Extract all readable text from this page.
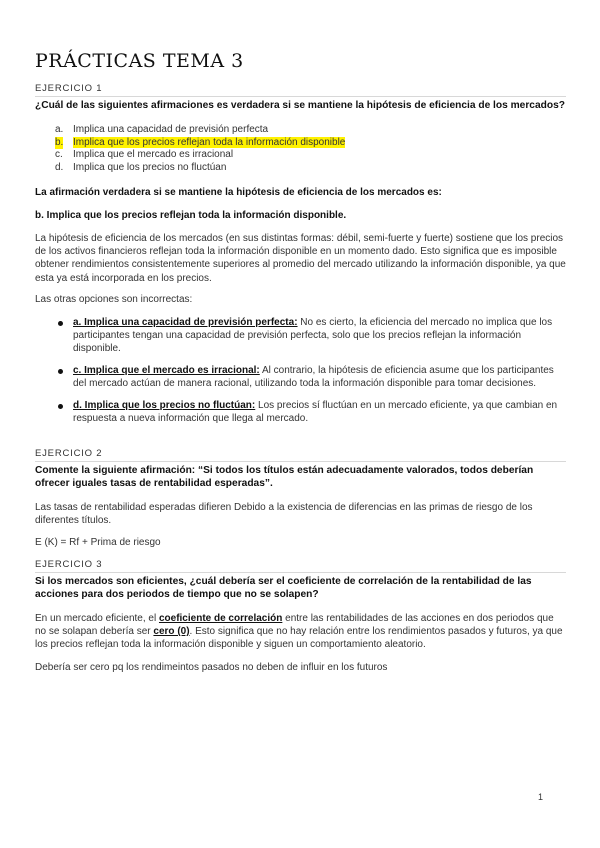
PRÁCTICAS TEMA 3
EJERCICIO 1
¿Cuál de las siguientes afirmaciones es verdadera si se mantiene la hipótesis de eficiencia de los mercados?
a. Implica una capacidad de previsión perfecta
b. Implica que los precios reflejan toda la información disponible
c. Implica que el mercado es irracional
d. Implica que los precios no fluctúan

La afirmación verdadera si se mantiene la hipótesis de eficiencia de los mercados es:

b. Implica que los precios reflejan toda la información disponible.

La hipótesis de eficiencia de los mercados (en sus distintas formas: débil, semi-fuerte y fuerte) sostiene que los precios de los activos financieros reflejan toda la información disponible en un momento dado. Esto significa que es imposible obtener rendimientos consistentemente superiores al promedio del mercado utilizando la información disponible, ya que esta ya está incorporada en los precios.

Las otras opciones son incorrectas:

a. Implica una capacidad de previsión perfecta: No es cierto, la eficiencia del mercado no implica que los participantes tengan una capacidad de previsión perfecta, solo que los precios reflejan la información disponible.
c. Implica que el mercado es irracional: Al contrario, la hipótesis de eficiencia asume que los participantes del mercado actúan de manera racional, utilizando toda la información disponible para tomar decisiones.
d. Implica que los precios no fluctúan: Los precios sí fluctúan en un mercado eficiente, ya que cambian en respuesta a nueva información que llega al mercado.
EJERCICIO 2
Comente la siguiente afirmación: “Si todos los títulos están adecuadamente valorados, todos deberían ofrecer iguales tasas de rentabilidad esperadas”.

Las tasas de rentabilidad esperadas difieren Debido a la existencia de diferencias en las primas de riesgo de los diferentes títulos.

E (K) = Rf + Prima de riesgo

EJERCICIO 3
Si los mercados son eficientes, ¿cuál debería ser el coeficiente de correlación de la rentabilidad de las acciones para dos periodos de tiempo que no se solapen?

En un mercado eficiente, el coeficiente de correlación entre las rentabilidades de las acciones en dos periodos que no se solapan debería ser cero (0). Esto significa que no hay relación entre los rendimientos pasados y futuros, ya que los precios reflejan toda la información disponible y siguen un comportamiento aleatorio.

Debería ser cero pq los rendimeintos pasados no deben de influir en los futuros

1
